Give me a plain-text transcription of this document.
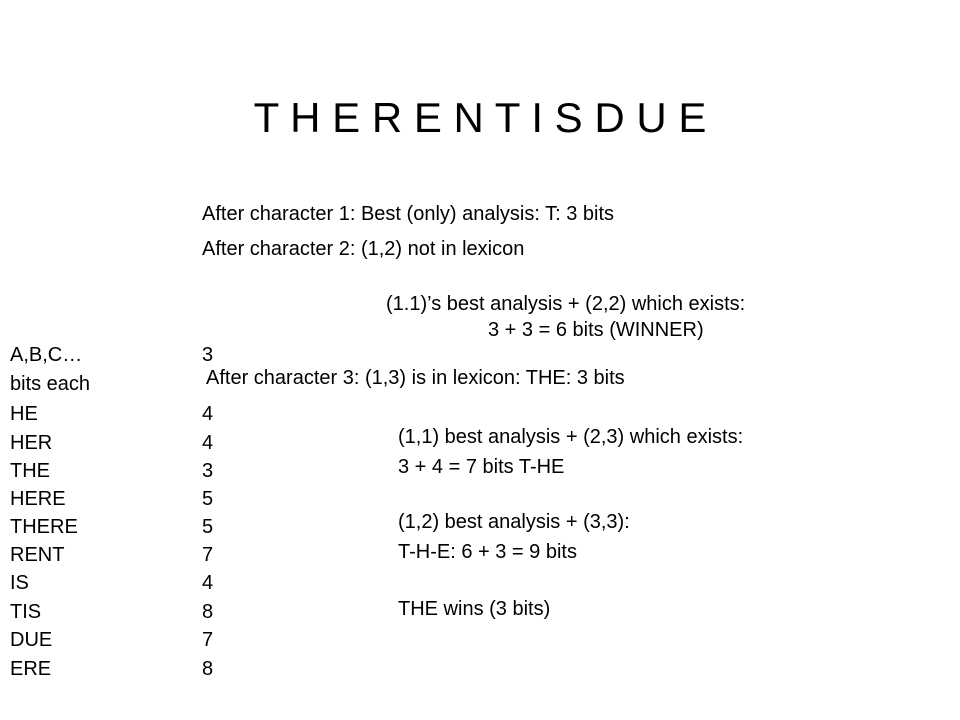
T H E R E N T I S D U E
After character 1: Best (only) analysis: T: 3 bits
After character 2: (1,2) not in lexicon
(1.1)’s best analysis + (2,2) which exists:
3 + 3 = 6 bits (WINNER)
After character 3: (1,3) is in lexicon: THE: 3 bits
(1,1) best analysis + (2,3) which exists:
3 + 4 = 7 bits T-HE
(1,2) best analysis + (3,3):
T-H-E: 6 + 3 = 9 bits
THE wins (3 bits)
A,B,C…	3
bits each
HE	4
HER	4
THE	3
HERE	5
THERE	5
RENT	7
IS	4
TIS	8
DUE	7
ERE	8
